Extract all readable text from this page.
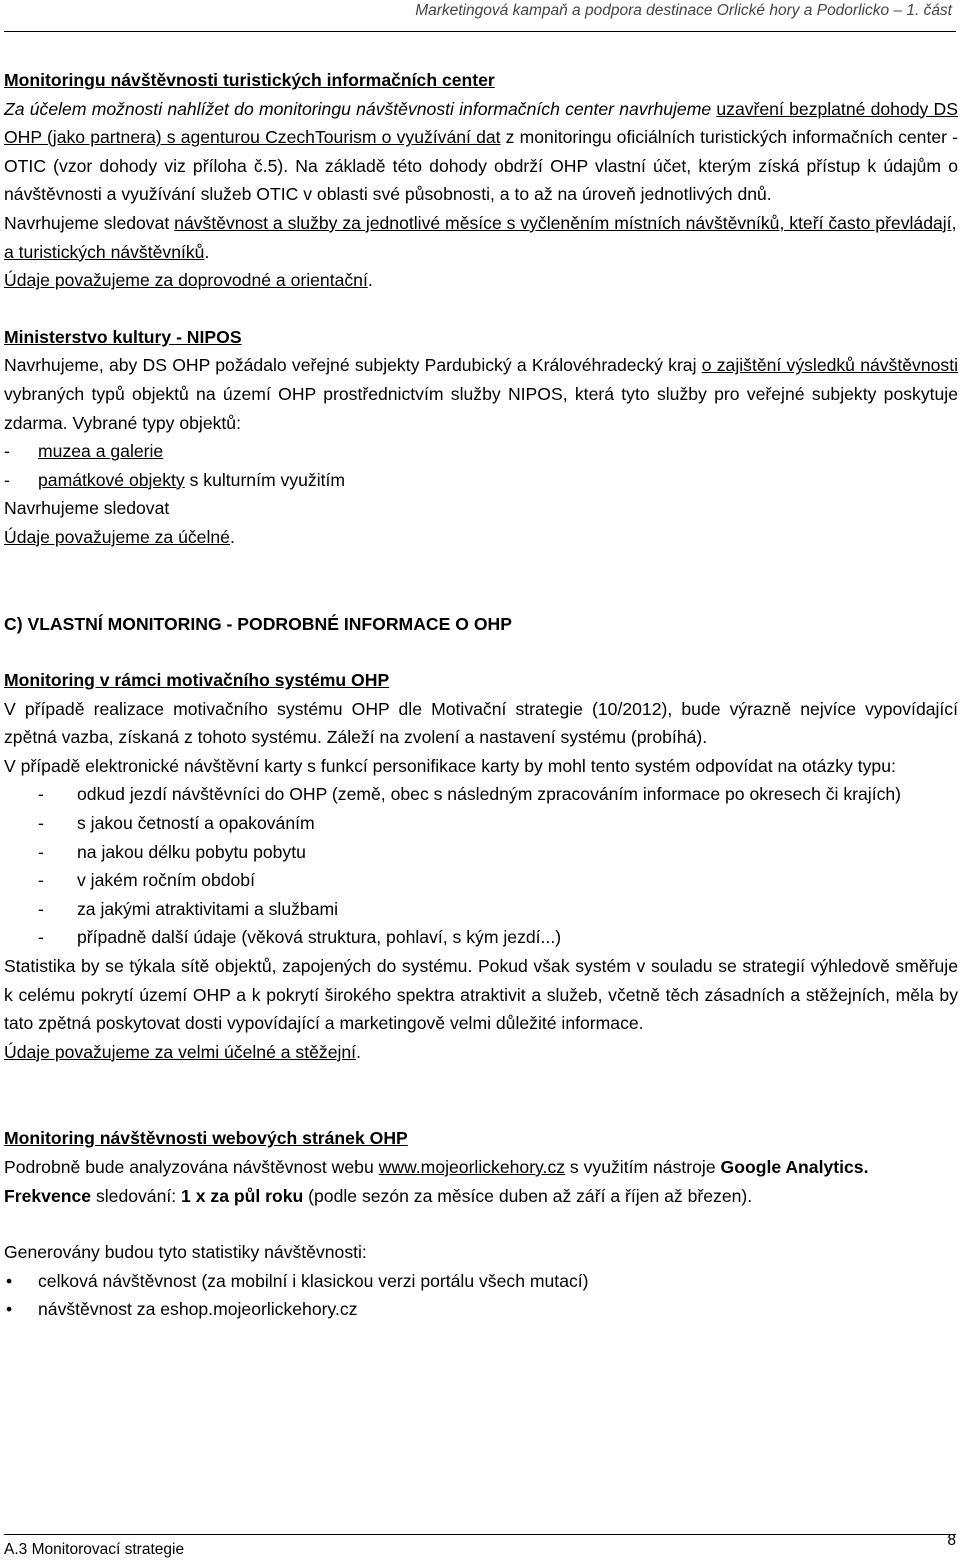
Marketingová kampaň a podpora destinace Orlické hory a Podorlicko – 1. část

Monitoringu návštěvnosti turistických informačních center

Za účelem možnosti nahlížet do monitoringu návštěvnosti informačních center navrhujeme uzavření bezplatné dohody DS OHP (jako partnera) s agenturou CzechTourism o využívání dat z monitoringu oficiálních turistických informačních center - OTIC (vzor dohody viz příloha č.5). Na základě této dohody obdrží OHP vlastní účet, kterým získá přístup k údajům o návštěvnosti a využívání služeb OTIC v oblasti své působnosti, a to až na úroveň jednotlivých dnů.

Navrhujeme sledovat návštěvnost a služby za jednotlivé měsíce s vyčleněním místních návštěvníků, kteří často převládají, a turistických návštěvníků.

Údaje považujeme za doprovodné a orientační.

Ministerstvo kultury - NIPOS

Navrhujeme, aby DS OHP požádalo veřejné subjekty Pardubický a Královéhradecký kraj o zajištění výsledků návštěvnosti vybraných typů objektů na území OHP prostřednictvím služby NIPOS, která tyto služby pro veřejné subjekty poskytuje zdarma. Vybrané typy objektů:

-	muzea a galerie
-	památkové objekty s kulturním využitím

Navrhujeme sledovat

Údaje považujeme za účelné.

C) VLASTNÍ MONITORING - PODROBNÉ INFORMACE O OHP

Monitoring v rámci motivačního systému OHP

V případě realizace motivačního systému OHP dle Motivační strategie (10/2012), bude výrazně nejvíce vypovídající zpětná vazba, získaná z tohoto systému. Záleží na zvolení a nastavení systému (probíhá).

V případě elektronické návštěvní karty s funkcí personifikace karty by mohl tento systém odpovídat na otázky typu:

-	odkud jezdí návštěvníci do OHP (země, obec s následným zpracováním informace po okresech či krajích)
-	s jakou četností a opakováním
-	na jakou délku pobytu pobytu
-	v jakém ročním období
-	za jakými atraktivitami a službami
-	případně další údaje (věková struktura, pohlaví, s kým jezdí...)

Statistika by se týkala sítě objektů, zapojených do systému. Pokud však systém v souladu se strategií výhledově směřuje k celému pokrytí území OHP a k pokrytí širokého spektra atraktivit a služeb, včetně těch zásadních a stěžejních, měla by tato zpětná poskytovat dosti vypovídající a marketingově velmi důležité informace.

Údaje považujeme za velmi účelné a stěžejní.

Monitoring návštěvnosti webových stránek OHP

Podrobně bude analyzována návštěvnost webu www.mojeorlickehory.cz s využitím nástroje Google Analytics.

Frekvence sledování: 1 x za půl roku (podle sezón za měsíce duben až září a říjen až březen).

Generovány budou tyto statistiky návštěvnosti:

•	celková návštěvnost (za mobilní i klasickou verzi portálu všech mutací)
•	návštěvnost za eshop.mojeorlickehory.cz
A.3 Monitorovací strategie
8
